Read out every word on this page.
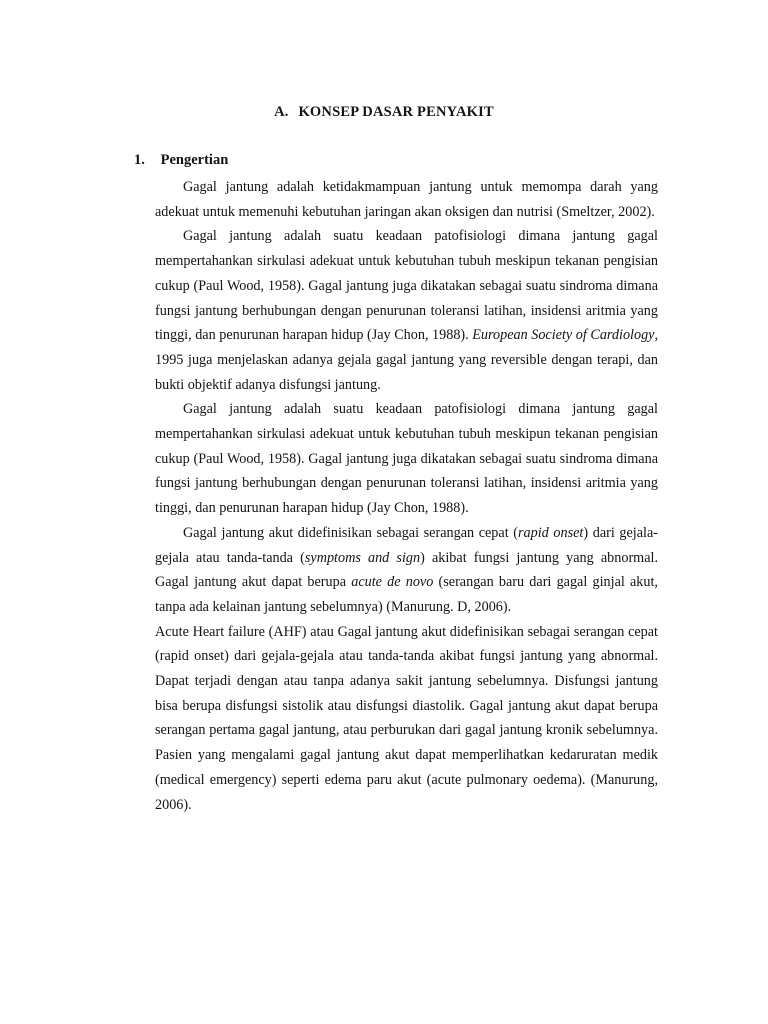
A. KONSEP DASAR PENYAKIT
1. Pengertian

Gagal jantung adalah ketidakmampuan jantung untuk memompa darah yang adekuat untuk memenuhi kebutuhan jaringan akan oksigen dan nutrisi (Smeltzer, 2002).

Gagal jantung adalah suatu keadaan patofisiologi dimana jantung gagal mempertahankan sirkulasi adekuat untuk kebutuhan tubuh meskipun tekanan pengisian cukup (Paul Wood, 1958). Gagal jantung juga dikatakan sebagai suatu sindroma dimana fungsi jantung berhubungan dengan penurunan toleransi latihan, insidensi aritmia yang tinggi, dan penurunan harapan hidup (Jay Chon, 1988). European Society of Cardiology, 1995 juga menjelaskan adanya gejala gagal jantung yang reversible dengan terapi, dan bukti objektif adanya disfungsi jantung.

Gagal jantung adalah suatu keadaan patofisiologi dimana jantung gagal mempertahankan sirkulasi adekuat untuk kebutuhan tubuh meskipun tekanan pengisian cukup (Paul Wood, 1958). Gagal jantung juga dikatakan sebagai suatu sindroma dimana fungsi jantung berhubungan dengan penurunan toleransi latihan, insidensi aritmia yang tinggi, dan penurunan harapan hidup (Jay Chon, 1988).

Gagal jantung akut didefinisikan sebagai serangan cepat (rapid onset) dari gejala-gejala atau tanda-tanda (symptoms and sign) akibat fungsi jantung yang abnormal. Gagal jantung akut dapat berupa acute de novo (serangan baru dari gagal ginjal akut, tanpa ada kelainan jantung sebelumnya) (Manurung. D, 2006).

Acute Heart failure (AHF) atau Gagal jantung akut didefinisikan sebagai serangan cepat (rapid onset) dari gejala-gejala atau tanda-tanda akibat fungsi jantung yang abnormal. Dapat terjadi dengan atau tanpa adanya sakit jantung sebelumnya. Disfungsi jantung bisa berupa disfungsi sistolik atau disfungsi diastolik. Gagal jantung akut dapat berupa serangan pertama gagal jantung, atau perburukan dari gagal jantung kronik sebelumnya. Pasien yang mengalami gagal jantung akut dapat memperlihatkan kedaruratan medik (medical emergency) seperti edema paru akut (acute pulmonary oedema). (Manurung, 2006).
